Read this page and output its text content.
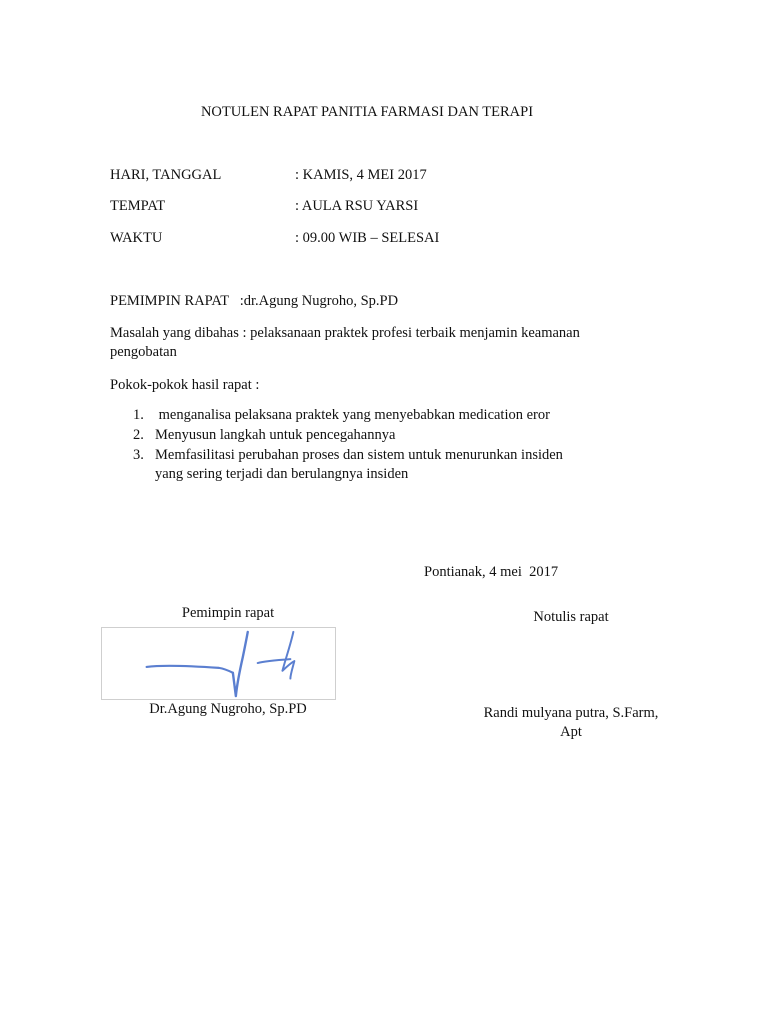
NOTULEN RAPAT PANITIA FARMASI DAN TERAPI
HARI, TANGGAL	: KAMIS, 4 MEI 2017
TEMPAT	: AULA RSU YARSI
WAKTU	: 09.00 WIB – SELESAI
PEMIMPIN RAPAT   :dr.Agung Nugroho, Sp.PD
Masalah yang dibahas : pelaksanaan praktek profesi terbaik menjamin keamanan
pengobatan
Pokok-pokok hasil rapat :
1. menganalisa pelaksana praktek yang menyebabkan medication eror
2. Menyusun langkah untuk pencegahannya
3. Memfasilitasi perubahan proses dan sistem untuk menurunkan insiden
yang sering terjadi dan berulangnya insiden
Pontianak, 4 mei  2017
Pemimpin rapat
Dr.Agung Nugroho, Sp.PD
Notulis rapat
Randi mulyana putra, S.Farm,
Apt
